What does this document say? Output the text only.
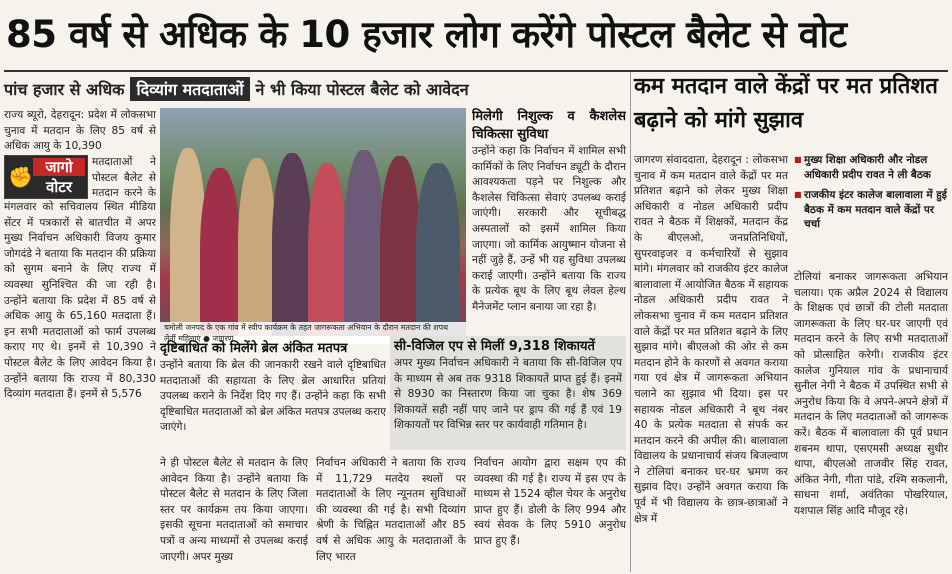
85 वर्ष से अधिक के 10 हजार लोग करेंगे पोस्टल बैलेट से वोट
पांच हजार से अधिक दिव्यांग मतदाताओं ने भी किया पोस्टल बैलेट को आवेदन

राज्य ब्यूरो, देहरादून: प्रदेश में लोकसभा चुनाव में मतदान के लिए 85 वर्ष से अधिक आयु के 10,390

✊ जागो
वोटर

मतदाताओं ने पोस्टल बैलेट से मतदान करने के

मंगलवार को सचिवालय स्थित मीडिया सेंटर में पत्रकारों से बातचीत में अपर मुख्य निर्वाचन अधिकारी विजय कुमार जोगदंडे ने बताया कि मतदान की प्रक्रिया को सुगम बनाने के लिए राज्य में व्यवस्था सुनिश्चित की जा रही है। उन्होंने बताया कि प्रदेश में 85 वर्ष से अधिक आयु के 65,160 मतदाता हैं। इन सभी मतदाताओं को फार्म उपलब्ध कराए गए थे। इनमें से 10,390 ने पोस्टल बैलेट के लिए आवेदन किया है। उन्होंने बताया कि राज्य में 80,330 दिव्यांग मतदाता हैं। इनमें से 5,576

चमोली जनपद के एक गांव में स्वीप कार्यक्रम के तहत जागरूकता अभियान के दौरान मतदान की शपथ लेतीं महिलाएं ● जागरण
मिलेगी निशुल्क व कैशलेस चिकित्सा सुविधा

उन्होंने कहा कि निर्वाचन में शामिल सभी कार्मिकों के लिए निर्वाचन ड्यूटी के दौरान आवश्यकता पड़ने पर निशुल्क और कैशलेस चिकित्सा सेवाएं उपलब्ध कराई जाएंगी। सरकारी और सूचीबद्ध अस्पतालों को इसमें शामिल किया जाएगा। जो कार्मिक आयुष्मान योजना से नहीं जुड़े हैं, उन्हें भी यह सुविधा उपलब्ध कराई जाएगी। उन्होंने बताया कि राज्य के प्रत्येक बूथ के लिए बूथ लेवल हेल्थ मैनेजमेंट प्लान बनाया जा रहा है।

दृष्टिबाधित को मिलेंगे ब्रेल अंकित मतपत्र

उन्होंने बताया कि ब्रेल की जानकारी रखने वाले दृष्टिबाधित मतदाताओं की सहायता के लिए ब्रेल आधारित प्रतियां उपलब्ध कराने के निर्देश दिए गए हैं। उन्होंने कहा कि सभी दृष्टिबाधित मतदाताओं को ब्रेल अंकित मतपत्र उपलब्ध कराए जाएंगे।

सी-विजिल एप से मिलीं 9,318 शिकायतें

अपर मुख्य निर्वाचन अधिकारी ने बताया कि सी-विजिल एप के माध्यम से अब तक 9318 शिकायतें प्राप्त हुई हैं। इनमें से 8930 का निस्तारण किया जा चुका है। शेष 369 शिकायतें सही नहीं पाए जाने पर ड्राप की गई हैं एवं 19 शिकायतों पर विभिन्न स्तर पर कार्यवाही गतिमान है।

ने ही पोस्टल बैलेट से मतदान के लिए आवेदन किया है। उन्होंने बताया कि पोस्टल बैलेट से मतदान के लिए जिला स्तर पर कार्यक्रम तय किया जाएगा। इसकी सूचना मतदाताओं को समाचार पत्रों व अन्य माध्यमों से उपलब्ध कराई जाएगी। अपर मुख्य

निर्वाचन अधिकारी ने बताया कि राज्य में 11,729 मतदेय स्थलों पर मतदाताओं के लिए न्यूनतम सुविधाओं की व्यवस्था की गई है। सभी दिव्यांग श्रेणी के चिह्नित मतदाताओं और 85 वर्ष से अधिक आयु के मतदाताओं के लिए भारत

निर्वाचन आयोग द्वारा सक्षम एप की व्यवस्था की गई है। राज्य में इस एप के माध्यम से 1524 व्हील चेयर के अनुरोध प्राप्त हुए हैं। डोली के लिए 994 और स्वयं सेवक के लिए 5910 अनुरोध प्राप्त हुए हैं।

कम मतदान वाले केंद्रों पर मत प्रतिशत बढ़ाने को मांगे सुझाव
■ मुख्य शिक्षा अधिकारी और नोडल अधिकारी प्रदीप रावत ने ली बैठक
■ राजकीय इंटर कालेज बालावाला में हुई बैठक में कम मतदान वाले केंद्रों पर चर्चा

जागरण संवाददाता, देहरादून : लोकसभा चुनाव में कम मतदान वाले केंद्रों पर मत प्रतिशत बढ़ाने को लेकर मुख्य शिक्षा अधिकारी व नोडल अधिकारी प्रदीप रावत ने बैठक में शिक्षकों, मतदान केंद्र के बीएलओ, जनप्रतिनिधियों, सुपरवाइजर व कर्मचारियों से सुझाव मांगे। मंगलवार को राजकीय इंटर कालेज बालावाला में आयोजित बैठक में सहायक नोडल अधिकारी प्रदीप रावत ने लोकसभा चुनाव में कम मतदान प्रतिशत वाले केंद्रों पर मत प्रतिशत बढ़ाने के लिए सुझाव मांगे। बीएलओ की ओर से कम मतदान होने के कारणों से अवगत कराया गया एवं क्षेत्र में जागरूकता अभियान चलाने का सुझाव भी दिया। इस पर सहायक नोडल अधिकारी ने बूथ नंबर 40 के प्रत्येक मतदाता से संपर्क कर मतदान करने की अपील की। बालावाला विद्यालय के प्रधानाचार्य संजय बिजल्वाण ने टोलियां बनाकर घर-घर भ्रमण कर सुझाव दिए। उन्होंने अवगत कराया कि पूर्व में भी विद्यालय के छात्र-छात्राओं ने क्षेत्र में

टोलियां बनाकर जागरूकता अभियान चलाया। एक अप्रैल 2024 से विद्यालय के शिक्षक एवं छात्रों की टोली मतदाता जागरूकता के लिए घर-घर जाएगी एवं मतदान करने के लिए सभी मतदाताओं को प्रोत्साहित करेगी। राजकीय इंटर कालेज गुनियाल गांव के प्रधानाचार्य सुनील नेगी ने बैठक में उपस्थित सभी से अनुरोध किया कि वे अपने-अपने क्षेत्रों में मतदान के लिए मतदाताओं को जागरूक करें। बैठक में बालावाला की पूर्व प्रधान शबनम थापा, एसएमसी अध्यक्ष सुधीर थापा, बीएलओ ताजवीर सिंह रावत, अंकित नेगी, गीता पांडे, रश्मि सकलानी, साधना शर्मा, अवंतिका पोखरियाल, यशपाल सिंह आदि मौजूद रहे।
